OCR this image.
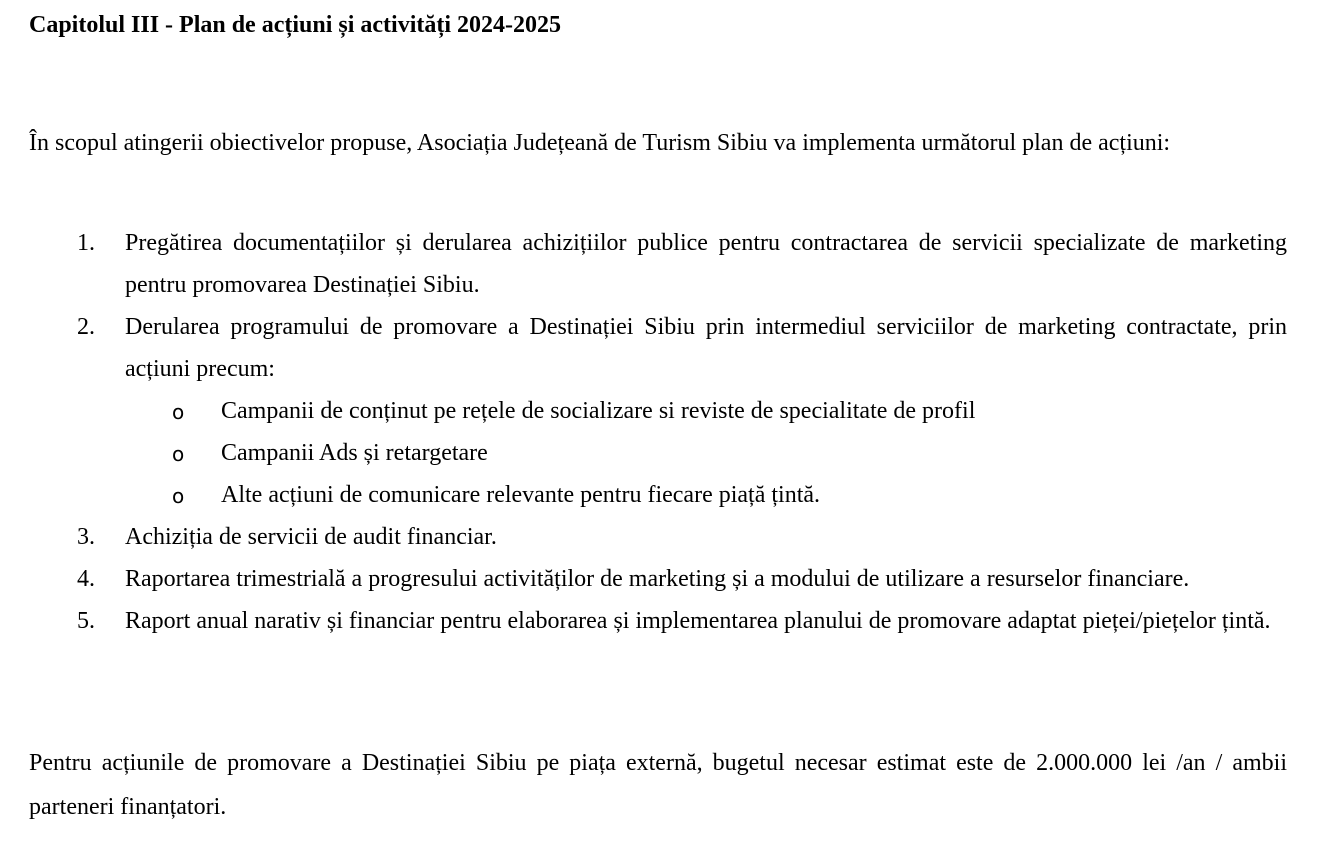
Capitolul III - Plan de acțiuni și activități 2024-2025

În scopul atingerii obiectivelor propuse, Asociația Județeană de Turism Sibiu va implementa următorul plan de acțiuni:

1. Pregătirea documentațiilor și derularea achizițiilor publice pentru contractarea de servicii specializate de marketing pentru promovarea Destinației Sibiu.
2. Derularea programului de promovare a Destinației Sibiu prin intermediul serviciilor de marketing contractate, prin acțiuni precum:
o Campanii de conținut pe rețele de socializare si reviste de specialitate de profil
o Campanii Ads și retargetare
o Alte acțiuni de comunicare relevante pentru fiecare piață țintă.
3. Achiziția de servicii de audit financiar.
4. Raportarea trimestrială a progresului activităților de marketing și a modului de utilizare a resurselor financiare.
5. Raport anual narativ și financiar pentru elaborarea și implementarea planului de promovare adaptat pieței/piețelor țintă.

Pentru acțiunile de promovare a Destinației Sibiu pe piața externă, bugetul necesar estimat este de 2.000.000 lei /an / ambii parteneri finanțatori.
